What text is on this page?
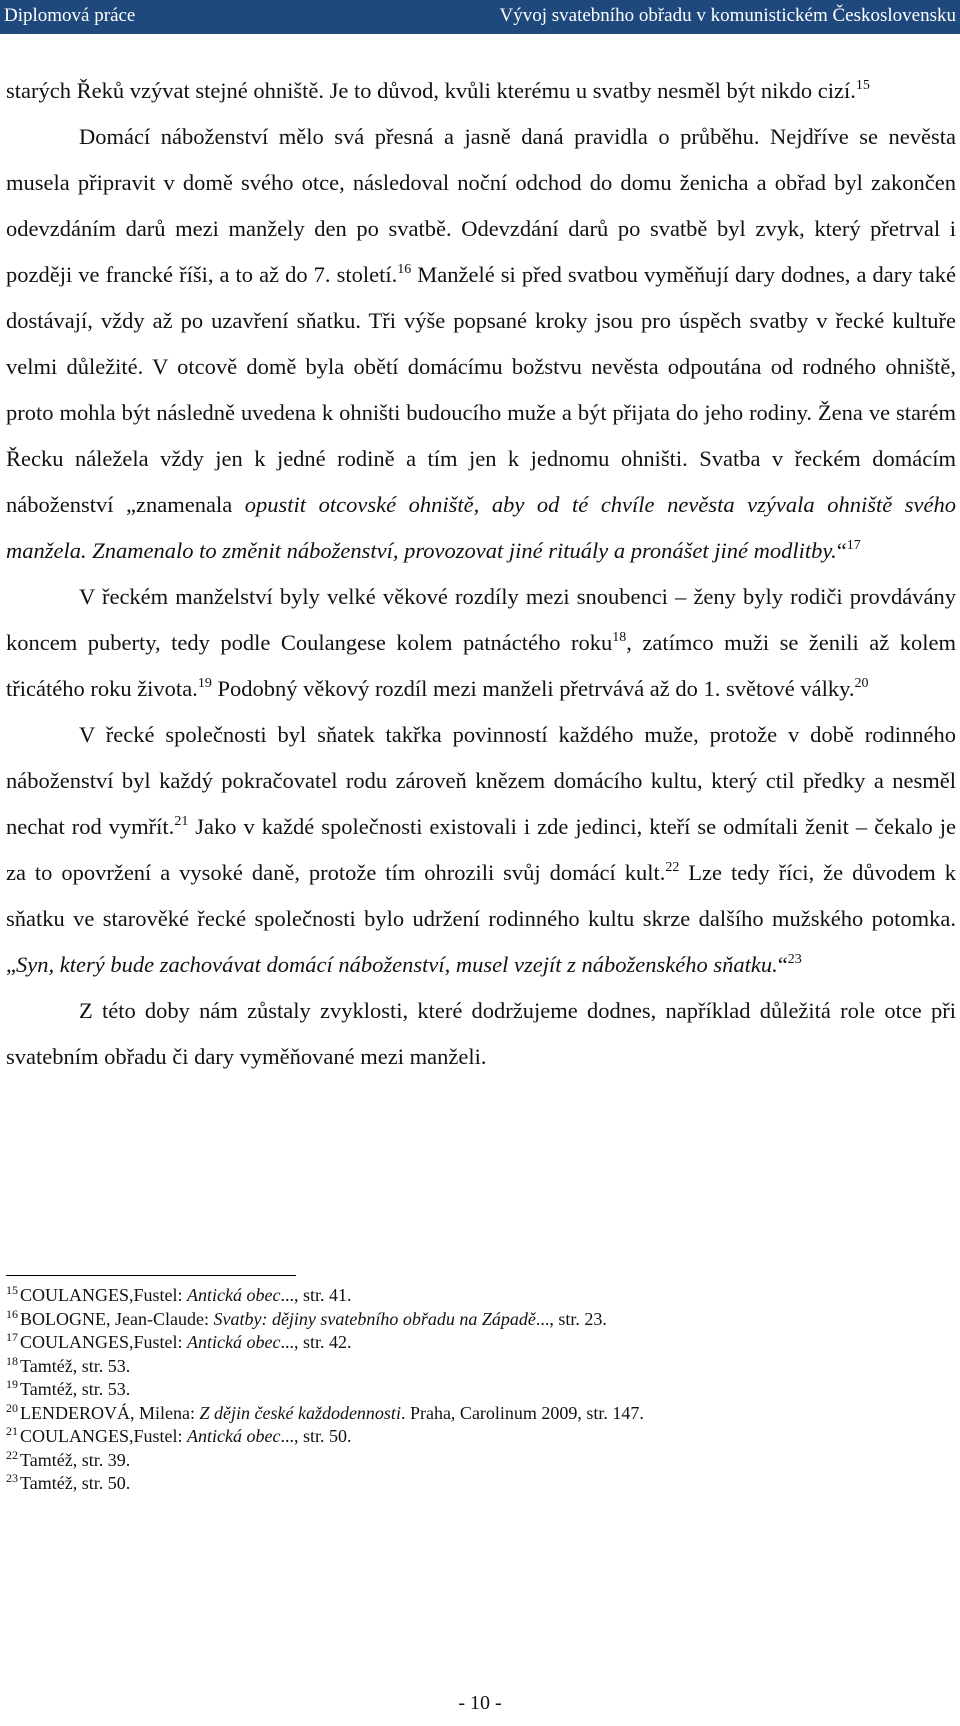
Diplomová práce	Vývoj svatebního obřadu v komunistickém Československu

starých Řeků vzývat stejné ohniště. Je to důvod, kvůli kterému u svatby nesměl být nikdo cizí.$^{15}$

Domácí náboženství mělo svá přesná a jasně daná pravidla o průběhu. Nejdříve se nevěsta musela připravit v domě svého otce, následoval noční odchod do domu ženicha a obřad byl zakončen odevzdáním darů mezi manžely den po svatbě. Odevzdání darů po svatbě byl zvyk, který přetrval i později ve francké říši, a to až do 7. století.$^{16}$ Manželé si před svatbou vyměňují dary dodnes, a dary také dostávají, vždy až po uzavření sňatku. Tři výše popsané kroky jsou pro úspěch svatby v řecké kultuře velmi důležité. V otcově domě byla obětí domácímu božstvu nevěsta odpoutána od rodného ohniště, proto mohla být následně uvedena k ohništi budoucího muže a být přijata do jeho rodiny. Žena ve starém Řecku náležela vždy jen k jedné rodině a tím jen k jednomu ohništi. Svatba v řeckém domácím náboženství „znamenala opustit otcovské ohniště, aby od té chvíle nevěsta vzývala ohniště svého manžela. Znamenalo to změnit náboženství, provozovat jiné rituály a pronášet jiné modlitby.“$^{17}$

V řeckém manželství byly velké věkové rozdíly mezi snoubenci – ženy byly rodiči provdávány koncem puberty, tedy podle Coulangese kolem patnáctého roku$^{18}$, zatímco muži se ženili až kolem třicátého roku života.$^{19}$ Podobný věkový rozdíl mezi manželi přetrvává až do 1. světové války.$^{20}$

V řecké společnosti byl sňatek takřka povinností každého muže, protože v době rodinného náboženství byl každý pokračovatel rodu zároveň knězem domácího kultu, který ctil předky a nesměl nechat rod vymřít.$^{21}$ Jako v každé společnosti existovali i zde jedinci, kteří se odmítali ženit – čekalo je za to opovržení a vysoké daně, protože tím ohrozili svůj domácí kult.$^{22}$ Lze tedy říci, že důvodem k sňatku ve starověké řecké společnosti bylo udržení rodinného kultu skrze dalšího mužského potomka. „Syn, který bude zachovávat domácí náboženství, musel vzejít z náboženského sňatku.“$^{23}$

Z této doby nám zůstaly zvyklosti, které dodržujeme dodnes, například důležitá role otce při svatebním obřadu či dary vyměňované mezi manželi.

$^{15}$ COULANGES,Fustel: Antická obec..., str. 41.
$^{16}$ BOLOGNE, Jean-Claude: Svatby: dějiny svatebního obřadu na Západě..., str. 23.
$^{17}$ COULANGES,Fustel: Antická obec..., str. 42.
$^{18}$ Tamtéž, str. 53.
$^{19}$ Tamtéž, str. 53.
$^{20}$ LENDEROVÁ, Milena: Z dějin české každodennosti. Praha, Carolinum 2009, str. 147.
$^{21}$ COULANGES,Fustel: Antická obec..., str. 50.
$^{22}$ Tamtéž, str. 39.
$^{23}$ Tamtéž, str. 50.
- 10 -
